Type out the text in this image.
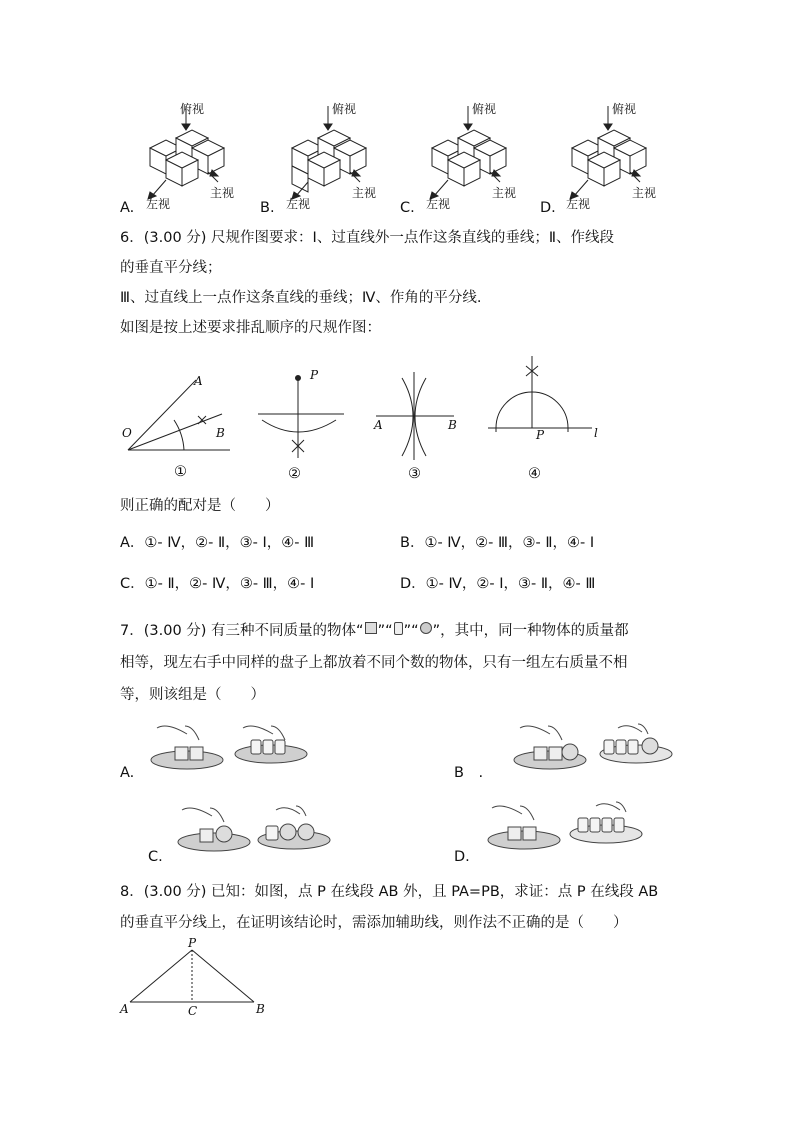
俯视
左视
主视
A.
俯视
左视
主视
B.
俯视
左视
主视
C.
俯视
左视
主视
D.
6．(3.00 分) 尺规作图要求：Ⅰ、过直线外一点作这条直线的垂线；Ⅱ、作线段
的垂直平分线；
Ⅲ、过直线上一点作这条直线的垂线；Ⅳ、作角的平分线.
如图是按上述要求排乱顺序的尺规作图：
A
O	B
①
P
②
A	B
③
P	l
④
则正确的配对是（　　）
A．①- Ⅳ，②- Ⅱ，③- Ⅰ，④- Ⅲ	B．①- Ⅳ，②- Ⅲ，③- Ⅱ，④- Ⅰ
C．①- Ⅱ，②- Ⅳ，③- Ⅲ，④- Ⅰ	D．①- Ⅳ，②- Ⅰ，③- Ⅱ，④- Ⅲ
7．(3.00 分) 有三种不同质量的物体“ ”“ ”“ ”，其中，同一种物体的质量都
相等，现左右手中同样的盘子上都放着不同个数的物体，只有一组左右质量不相
等，则该组是（　　）
A.	B　.
C.	D.
8．(3.00 分) 已知：如图，点 P 在线段 AB 外，且 PA=PB，求证：点 P 在线段 AB
的垂直平分线上，在证明该结论时，需添加辅助线，则作法不正确的是（　　）
P
A	C	B
